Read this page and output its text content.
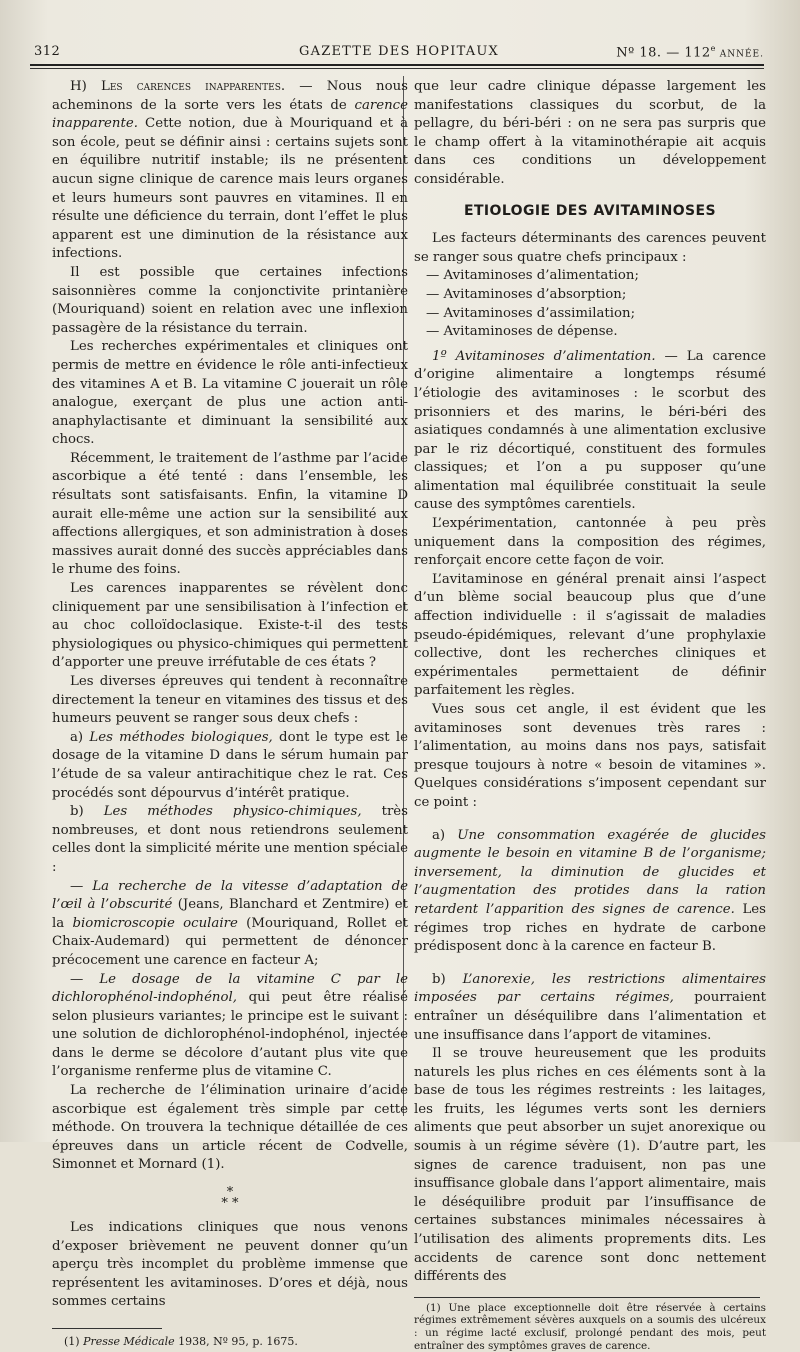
312	GAZETTE DES HOPITAUX	Nº 18. — 112e ANNÉE.

H) Les carences inapparentes. — Nous nous acheminons de la sorte vers les états de carence inapparente. Cette notion, due à Mouriquand et à son école, peut se définir ainsi : certains sujets sont en équilibre nutritif instable; ils ne présentent aucun signe clinique de carence mais leurs organes et leurs humeurs sont pauvres en vitamines. Il en résulte une déficience du terrain, dont l’effet le plus apparent est une diminution de la résistance aux infections.

Il est possible que certaines infections saisonnières comme la conjonctivite printanière (Mouriquand) soient en relation avec une inflexion passagère de la résistance du terrain.

Les recherches expérimentales et cliniques ont permis de mettre en évidence le rôle anti-infectieux des vitamines A et B. La vitamine C jouerait un rôle analogue, exerçant de plus une action anti-anaphylactisante et diminuant la sensibilité aux chocs.

Récemment, le traitement de l’asthme par l’acide ascorbique a été tenté : dans l’ensemble, les résultats sont satisfaisants. Enfin, la vitamine D aurait elle-même une action sur la sensibilité aux affections allergiques, et son administration à doses massives aurait donné des succès appréciables dans le rhume des foins.

Les carences inapparentes se révèlent donc cliniquement par une sensibilisation à l’infection et au choc colloïdoclasique. Existe-t-il des tests physiologiques ou physico-chimiques qui permettent d’apporter une preuve irréfutable de ces états ?

Les diverses épreuves qui tendent à reconnaître directement la teneur en vitamines des tissus et des humeurs peuvent se ranger sous deux chefs :

a) Les méthodes biologiques, dont le type est le dosage de la vitamine D dans le sérum humain par l’étude de sa valeur antirachitique chez le rat. Ces procédés sont dépourvus d’intérêt pratique.

b) Les méthodes physico-chimiques, très nombreuses, et dont nous retiendrons seulement celles dont la simplicité mérite une mention spéciale :

— La recherche de la vitesse d’adaptation de l’œil à l’obscurité (Jeans, Blanchard et Zentmire) et la biomicroscopie oculaire (Mouriquand, Rollet et Chaix-Audemard) qui permettent de dénoncer précocement une carence en facteur A;

— Le dosage de la vitamine C par le dichlorophénol-indophénol, qui peut être réalisé selon plusieurs variantes; le principe est le suivant : une solution de dichlorophénol-indophénol, injectée dans le derme se décolore d’autant plus vite que l’organisme renferme plus de vitamine C.

La recherche de l’élimination urinaire d’acide ascorbique est également très simple par cette méthode. On trouvera la technique détaillée de ces épreuves dans un article récent de Codvelle, Simonnet et Mornard (1).

*
* *

Les indications cliniques que nous venons d’exposer brièvement ne peuvent donner qu’un aperçu très incomplet du problème immense que représentent les avitaminoses. D’ores et déjà, nous sommes certains

(1) Presse Médicale 1938, Nº 95, p. 1675.

que leur cadre clinique dépasse largement les manifestations classiques du scorbut, de la pellagre, du béri-béri : on ne sera pas surpris que le champ offert à la vitaminothérapie ait acquis dans ces conditions un développement considérable.

ETIOLOGIE DES AVITAMINOSES

Les facteurs déterminants des carences peuvent se ranger sous quatre chefs principaux :

— Avitaminoses d’alimentation;

— Avitaminoses d’absorption;

— Avitaminoses d’assimilation;

— Avitaminoses de dépense.

1º Avitaminoses d’alimentation. — La carence d’origine alimentaire a longtemps résumé l’étiologie des avitaminoses : le scorbut des prisonniers et des marins, le béri-béri des asiatiques condamnés à une alimentation exclusive par le riz décortiqué, constituent des formules classiques; et l’on a pu supposer qu’une alimentation mal équilibrée constituait la seule cause des symptômes carentiels.

L’expérimentation, cantonnée à peu près uniquement dans la composition des régimes, renforçait encore cette façon de voir.

L’avitaminose en général prenait ainsi l’aspect d’un blème social beaucoup plus que d’une affection individuelle : il s’agissait de maladies pseudo-épidémiques, relevant d’une prophylaxie collective, dont les recherches cliniques et expérimentales permettaient de définir parfaitement les règles.

Vues sous cet angle, il est évident que les avitaminoses sont devenues très rares : l’alimentation, au moins dans nos pays, satisfait presque toujours à notre « besoin de vitamines ». Quelques considérations s’imposent cependant sur ce point :

a) Une consommation exagérée de glucides augmente le besoin en vitamine B de l’organisme; inversement, la diminution de glucides et l’augmentation des protides dans la ration retardent l’apparition des signes de carence. Les régimes trop riches en hydrate de carbone prédisposent donc à la carence en facteur B.

b) L’anorexie, les restrictions alimentaires imposées par certains régimes, pourraient entraîner un déséquilibre dans l’alimentation et une insuffisance dans l’apport de vitamines.

Il se trouve heureusement que les produits naturels les plus riches en ces éléments sont à la base de tous les régimes restreints : les laitages, les fruits, les légumes verts sont les derniers aliments que peut absorber un sujet anorexique ou soumis à un régime sévère (1). D’autre part, les signes de carence traduisent, non pas une insuffisance globale dans l’apport alimentaire, mais le déséquilibre produit par l’insuffisance de certaines substances minimales nécessaires à l’utilisation des aliments proprements dits. Les accidents de carence sont donc nettement différents des

(1) Une place exceptionnelle doit être réservée à certains régimes extrêmement sévères auxquels on a soumis des ulcéreux : un régime lacté exclusif, prolongé pendant des mois, peut entraîner des symptômes graves de carence.
